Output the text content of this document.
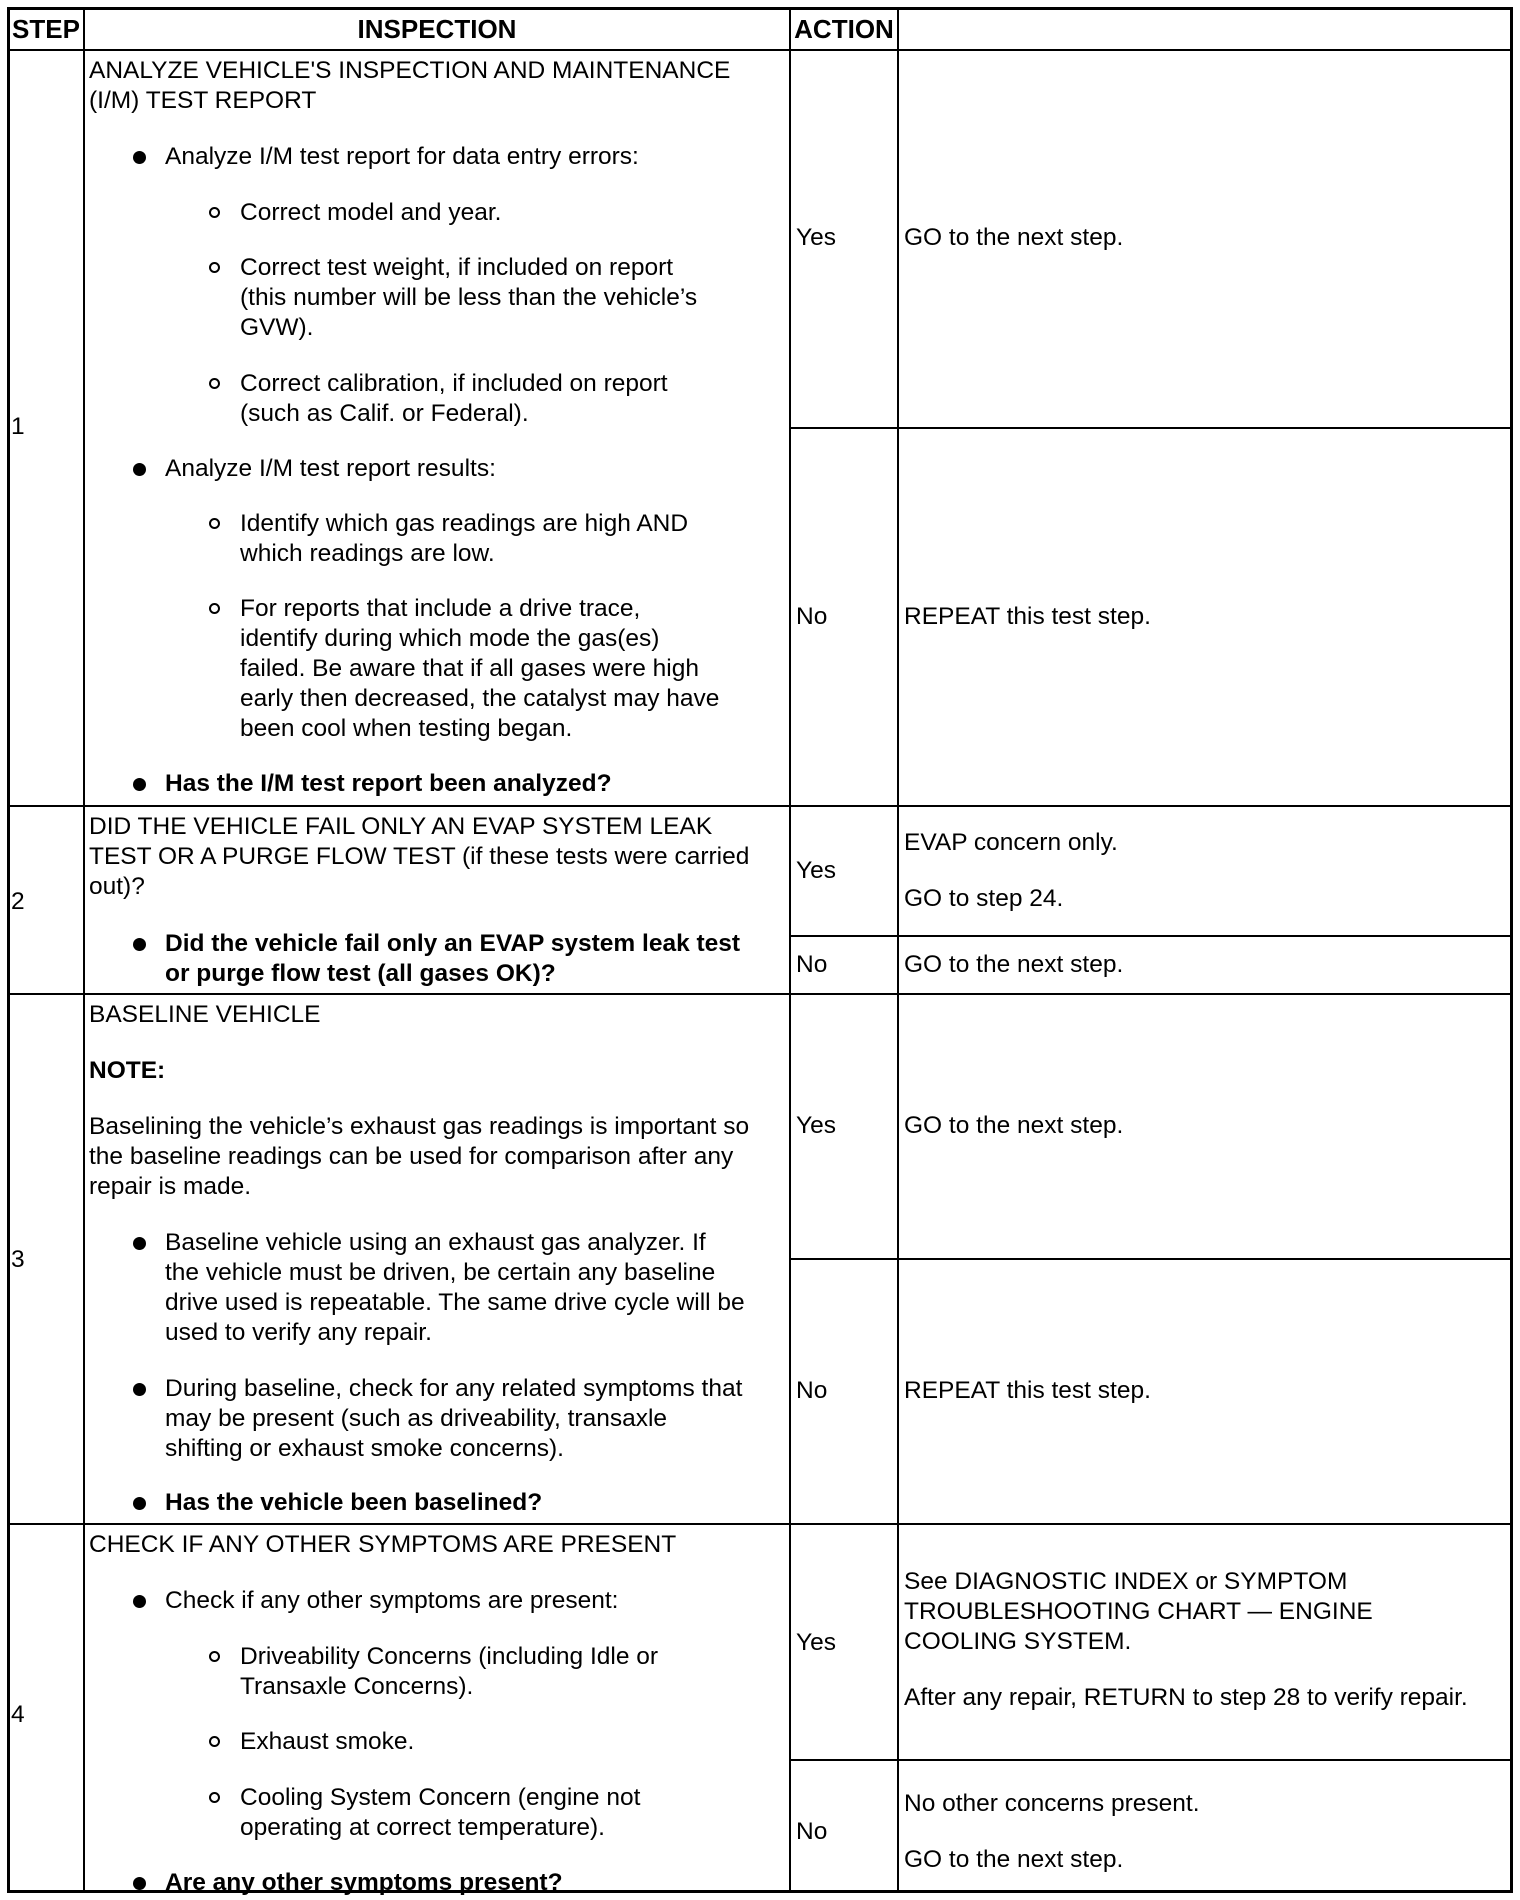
STEP	INSPECTION	ACTION
1
ANALYZE VEHICLE'S INSPECTION AND MAINTENANCE
(I/M) TEST REPORT
Analyze I/M test report for data entry errors:
Correct model and year.
Correct test weight, if included on report
(this number will be less than the vehicle’s
GVW).
Correct calibration, if included on report
(such as Calif. or Federal).
Analyze I/M test report results:
Identify which gas readings are high AND
which readings are low.
For reports that include a drive trace,
identify during which mode the gas(es)
failed. Be aware that if all gases were high
early then decreased, the catalyst may have
been cool when testing began.
Has the I/M test report been analyzed?
Yes	GO to the next step.
No	REPEAT this test step.
2
DID THE VEHICLE FAIL ONLY AN EVAP SYSTEM LEAK
TEST OR A PURGE FLOW TEST (if these tests were carried
out)?
Did the vehicle fail only an EVAP system leak test
or purge flow test (all gases OK)?
Yes
EVAP concern only.
GO to step 24.
No	GO to the next step.
3
BASELINE VEHICLE
NOTE:
Baselining the vehicle’s exhaust gas readings is important so
the baseline readings can be used for comparison after any
repair is made.
Baseline vehicle using an exhaust gas analyzer. If
the vehicle must be driven, be certain any baseline
drive used is repeatable. The same drive cycle will be
used to verify any repair.
During baseline, check for any related symptoms that
may be present (such as driveability, transaxle
shifting or exhaust smoke concerns).
Has the vehicle been baselined?
Yes	GO to the next step.
No	REPEAT this test step.
4
CHECK IF ANY OTHER SYMPTOMS ARE PRESENT
Check if any other symptoms are present:
Driveability Concerns (including Idle or
Transaxle Concerns).
Exhaust smoke.
Cooling System Concern (engine not
operating at correct temperature).
Are any other symptoms present?
Yes
See DIAGNOSTIC INDEX or SYMPTOM
TROUBLESHOOTING CHART — ENGINE
COOLING SYSTEM.
After any repair, RETURN to step 28 to verify repair.
No
No other concerns present.
GO to the next step.
